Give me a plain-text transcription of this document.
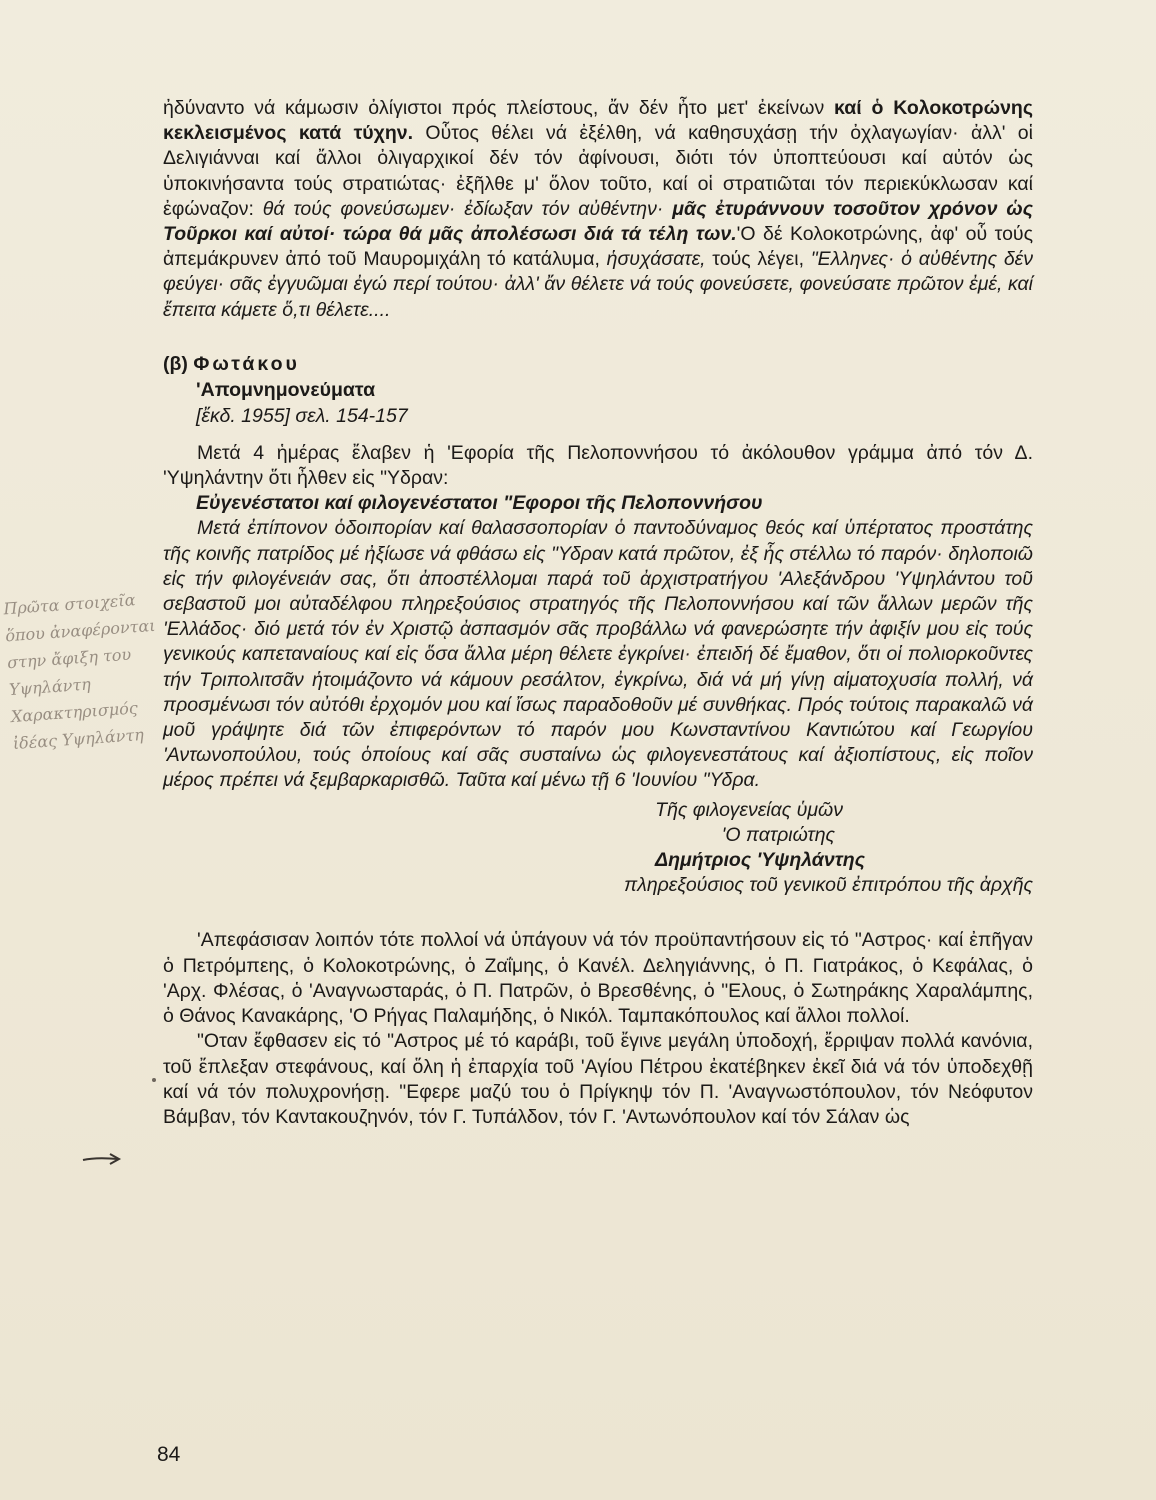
ἠδύναντο νά κάμωσιν ὀλίγιστοι πρός πλείστους, ἄν δέν ἦτο μετ' ἐκείνων καί ὁ Κολοκοτρώνης κεκλεισμένος κατά τύχην. Οὗτος θέλει νά ἐξέλθη, νά καθησυχάσῃ τήν ὀχλαγωγίαν· ἀλλ' οἱ Δελιγιάνναι καί ἄλλοι ὀλιγαρχικοί δέν τόν ἀφίνουσι, διότι τόν ὑποπτεύουσι καί αὐτόν ὡς ὑποκινήσαντα τούς στρατιώτας· ἐξῆλθε μ' ὅλον τοῦτο, καί οἱ στρατιῶται τόν περιεκύκλωσαν καί ἐφώναζον: θά τούς φονεύσωμεν· ἐδίωξαν τόν αὐθέντην· μᾶς ἐτυράννουν τοσοῦτον χρόνον ὡς Τοῦρκοι καί αὐτοί· τώρα θά μᾶς ἀπολέσωσι διά τά τέλη των.'Ο δέ Κολοκοτρώνης, ἀφ' οὗ τούς ἀπεμάκρυνεν ἀπό τοῦ Μαυρομιχάλη τό κατάλυμα, ἡσυχάσατε, τούς λέγει, "Ελληνες· ὁ αὐθέντης δέν φεύγει· σᾶς ἐγγυῶμαι ἐγώ περί τούτου· ἀλλ' ἄν θέλετε νά τούς φονεύσετε, φονεύσατε πρῶτον ἐμέ, καί ἔπειτα κάμετε ὅ,τι θέλετε....

(β) Φωτάκου
'Απομνημονεύματα
[ἔκδ. 1955] σελ. 154-157

Μετά 4 ἡμέρας ἔλαβεν ἡ 'Εφορία τῆς Πελοποννήσου τό ἀκόλουθον γράμμα ἀπό τόν Δ. 'Υψηλάντην ὅτι ἦλθεν εἰς "Υδραν:

Εὐγενέστατοι καί φιλογενέστατοι "Εφοροι τῆς Πελοποννήσου

Μετά ἐπίπονον ὁδοιπορίαν καί θαλασσοπορίαν ὁ παντοδύναμος θεός καί ὑπέρτατος προστάτης τῆς κοινῆς πατρίδος μέ ἠξίωσε νά φθάσω εἰς "Υδραν κατά πρῶτον, ἐξ ἧς στέλλω τό παρόν· δηλοποιῶ εἰς τήν φιλογένειάν σας, ὅτι ἀποστέλλομαι παρά τοῦ ἀρχιστρατήγου 'Αλεξάνδρου 'Υψηλάντου τοῦ σεβαστοῦ μοι αὐταδέλφου πληρεξούσιος στρατηγός τῆς Πελοποννήσου καί τῶν ἄλλων μερῶν τῆς 'Ελλάδος· διό μετά τόν ἐν Χριστῷ ἀσπασμόν σᾶς προβάλλω νά φανερώσητε τήν ἀφιξίν μου εἰς τούς γενικούς καπεταναίους καί εἰς ὅσα ἄλλα μέρη θέλετε ἐγκρίνει· ἐπειδή δέ ἔμαθον, ὅτι οἱ πολιορκοῦντες τήν Τριπολιτσᾶν ἡτοιμάζοντο νά κάμουν ρεσάλτον, ἐγκρίνω, διά νά μή γίνῃ αἱματοχυσία πολλή, νά προσμένωσι τόν αὐτόθι ἐρχομόν μου καί ἴσως παραδοθοῦν μέ συνθήκας. Πρός τούτοις παρακαλῶ νά μοῦ γράψητε διά τῶν ἐπιφερόντων τό παρόν μου Κωνσταντίνου Καντιώτου καί Γεωργίου 'Αντωνοπούλου, τούς ὁποίους καί σᾶς συσταίνω ὡς φιλογενεστάτους καί ἀξιοπίστους, εἰς ποῖον μέρος πρέπει νά ξεμβαρκαρισθῶ. Ταῦτα καί μένω τῇ 6 'Ιουνίου "Υδρα.

Τῆς φιλογενείας ὑμῶν
'Ο πατριώτης
Δημήτριος 'Υψηλάντης
πληρεξούσιος τοῦ γενικοῦ ἐπιτρόπου τῆς ἀρχῆς

'Απεφάσισαν λοιπόν τότε πολλοί νά ὑπάγουν νά τόν προϋπαντήσουν εἰς τό "Αστρος· καί ἐπῆγαν ὁ Πετρόμπεης, ὁ Κολοκοτρώνης, ὁ Ζαΐμης, ὁ Κανέλ. Δεληγιάννης, ὁ Π. Γιατράκος, ὁ Κεφάλας, ὁ 'Αρχ. Φλέσας, ὁ 'Αναγνωσταράς, ὁ Π. Πατρῶν, ὁ Βρεσθένης, ὁ "Ελους, ὁ Σωτηράκης Χαραλάμπης, ὁ Θάνος Κανακάρης, 'Ο Ρήγας Παλαμήδης, ὁ Νικόλ. Ταμπακόπουλος καί ἄλλοι πολλοί.

"Οταν ἔφθασεν εἰς τό "Αστρος μέ τό καράβι, τοῦ ἔγινε μεγάλη ὑποδοχή, ἔρριψαν πολλά κανόνια, τοῦ ἔπλεξαν στεφάνους, καί ὅλη ἡ ἐπαρχία τοῦ 'Αγίου Πέτρου ἐκατέβηκεν ἐκεῖ διά νά τόν ὑποδεχθῇ καί νά τόν πολυχρονήσῃ. "Εφερε μαζύ του ὁ Πρίγκηψ τόν Π. 'Αναγνωστόπουλον, τόν Νεόφυτον Βάμβαν, τόν Καντακουζηνόν, τόν Γ. Τυπάλδον, τόν Γ. 'Αντωνόπουλον καί τόν Σάλαν ὡς

Πρῶτα στοιχεῖα
ὅπου ἀναφέρονται
στην ἄφιξη του
Υψηλάντη
Χαρακτηρισμός
ἰδέας Υψηλάντη
84
